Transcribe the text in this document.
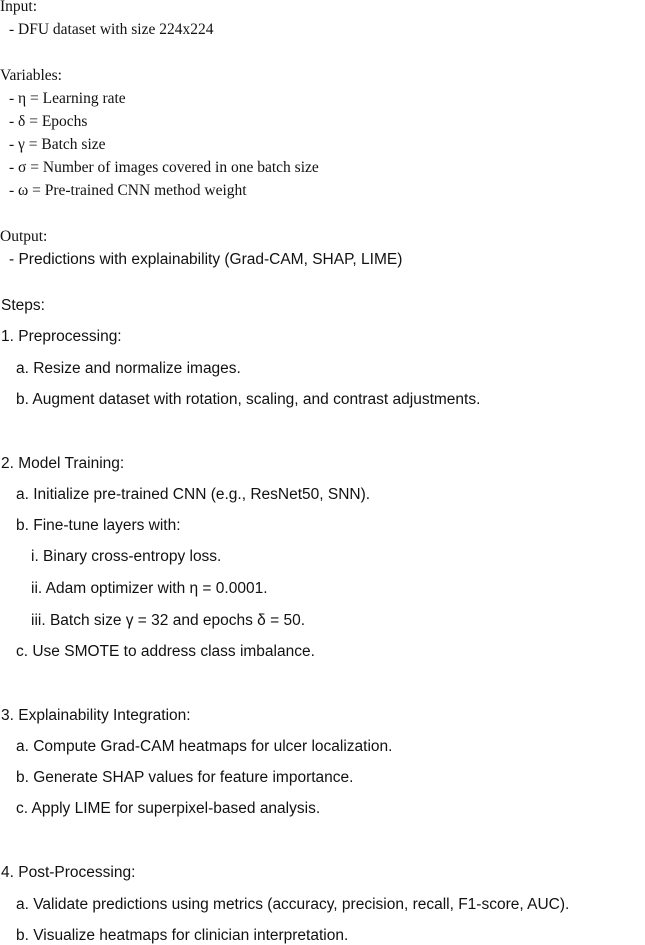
Input:
- DFU dataset with size 224x224
Variables:
- η = Learning rate
- δ = Epochs
- γ = Batch size
- σ = Number of images covered in one batch size
- ω = Pre-trained CNN method weight
Output:
- Predictions with explainability (Grad-CAM, SHAP, LIME)
Steps:
1. Preprocessing:
a. Resize and normalize images.
b. Augment dataset with rotation, scaling, and contrast adjustments.
2. Model Training:
a. Initialize pre-trained CNN (e.g., ResNet50, SNN).
b. Fine-tune layers with:
i. Binary cross-entropy loss.
ii. Adam optimizer with η = 0.0001.
iii. Batch size γ = 32 and epochs δ = 50.
c. Use SMOTE to address class imbalance.
3. Explainability Integration:
a. Compute Grad-CAM heatmaps for ulcer localization.
b. Generate SHAP values for feature importance.
c. Apply LIME for superpixel-based analysis.
4. Post-Processing:
a. Validate predictions using metrics (accuracy, precision, recall, F1-score, AUC).
b. Visualize heatmaps for clinician interpretation.
